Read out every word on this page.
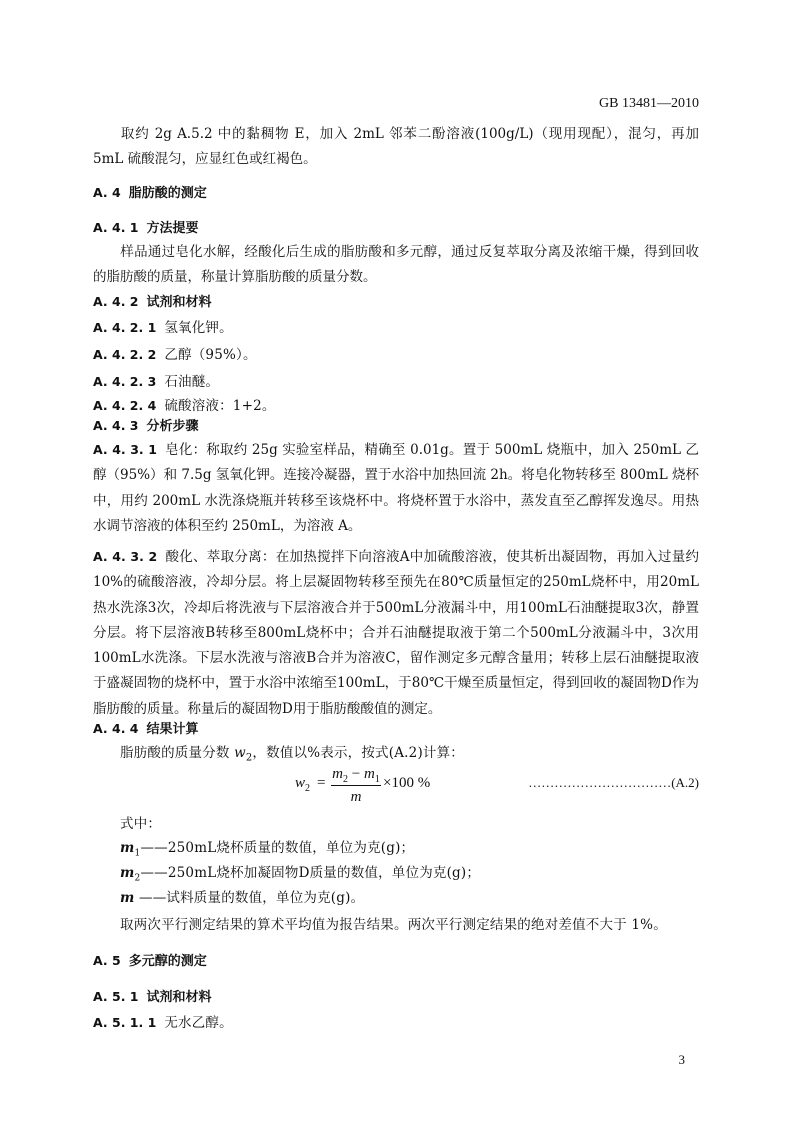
GB 13481—2010
取约 2g A.5.2 中的黏稠物 E，加入 2mL 邻苯二酚溶液(100g/L)（现用现配），混匀，再加 5mL 硫酸混匀，应显红色或红褐色。
A. 4 脂肪酸的测定
A. 4. 1 方法提要
样品通过皂化水解，经酸化后生成的脂肪酸和多元醇，通过反复萃取分离及浓缩干燥，得到回收的脂肪酸的质量，称量计算脂肪酸的质量分数。
A. 4. 2 试剂和材料
A. 4. 2. 1 氢氧化钾。
A. 4. 2. 2 乙醇（95%）。
A. 4. 2. 3 石油醚。
A. 4. 2. 4 硫酸溶液：1+2。
A. 4. 3 分析步骤
A. 4. 3. 1 皂化：称取约 25g 实验室样品，精确至 0.01g。置于 500mL 烧瓶中，加入 250mL 乙醇（95%）和 7.5g 氢氧化钾。连接冷凝器，置于水浴中加热回流 2h。将皂化物转移至 800mL 烧杯中，用约 200mL 水洗涤烧瓶并转移至该烧杯中。将烧杯置于水浴中，蒸发直至乙醇挥发逸尽。用热水调节溶液的体积至约 250mL，为溶液 A。
A. 4. 3. 2 酸化、萃取分离：在加热搅拌下向溶液A中加硫酸溶液，使其析出凝固物，再加入过量约10%的硫酸溶液，冷却分层。将上层凝固物转移至预先在80℃质量恒定的250mL烧杯中，用20mL热水洗涤3次，冷却后将洗液与下层溶液合并于500mL分液漏斗中，用100mL石油醚提取3次，静置分层。将下层溶液B转移至800mL烧杯中；合并石油醚提取液于第二个500mL分液漏斗中，3次用100mL水洗涤。下层水洗液与溶液B合并为溶液C，留作测定多元醇含量用；转移上层石油醚提取液于盛凝固物的烧杯中，置于水浴中浓缩至100mL，于80℃干燥至质量恒定，得到回收的凝固物D作为脂肪酸的质量。称量后的凝固物D用于脂肪酸酸值的测定。
A. 4. 4 结果计算
脂肪酸的质量分数 $w_2$，数值以%表示，按式(A.2)计算：
$w_2$ =
$m_2 - m_1$
m
×100 %	……………………………(A.2)
式中：
$m_1——250mL$烧杯质量的数值，单位为克(g)；
$m_2——250mL$烧杯加凝固物D质量的数值，单位为克(g)；
m ——试料质量的数值，单位为克(g)。
取两次平行测定结果的算术平均值为报告结果。两次平行测定结果的绝对差值不大于 1%。
A. 5 多元醇的测定
A. 5. 1 试剂和材料
A. 5. 1. 1 无水乙醇。
3
